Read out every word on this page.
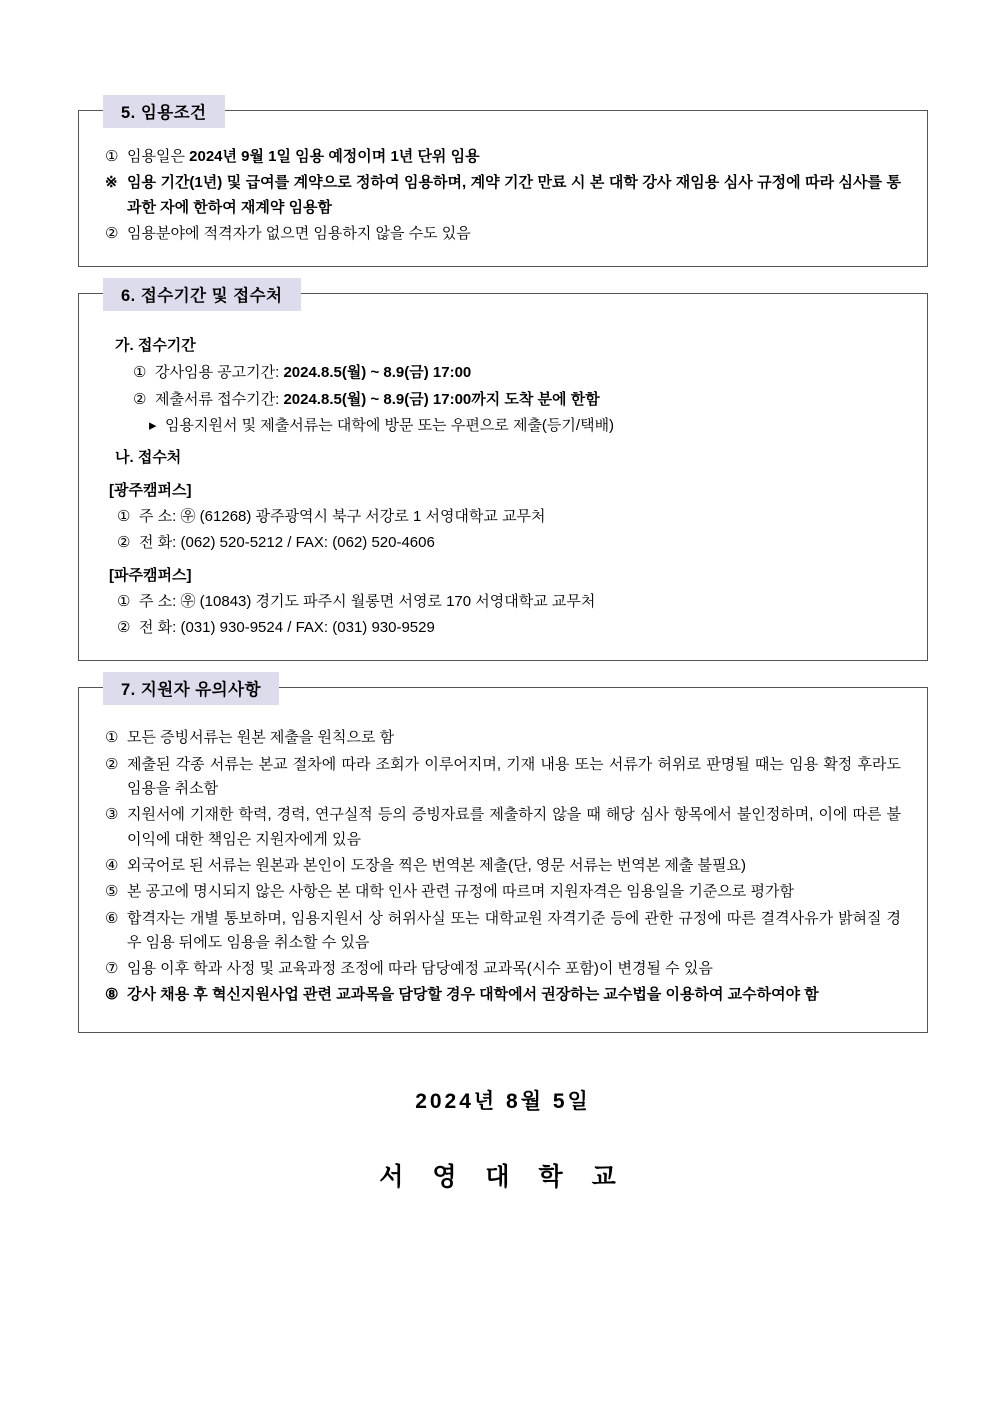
5. 임용조건
① 임용일은 2024년 9월 1일 임용 예정이며 1년 단위 임용
※ 임용 기간(1년) 및 급여를 계약으로 정하여 임용하며, 계약 기간 만료 시 본 대학 강사 재임용 심사 규정에 따라 심사를 통과한 자에 한하여 재계약 임용함
② 임용분야에 적격자가 없으면 임용하지 않을 수도 있음
6. 접수기간 및 접수처
가. 접수기간
① 강사임용 공고기간: 2024.8.5(월) ~ 8.9(금) 17:00
② 제출서류 접수기간: 2024.8.5(월) ~ 8.9(금) 17:00까지 도착 분에 한함
▸ 임용지원서 및 제출서류는 대학에 방문 또는 우편으로 제출(등기/택배)
나. 접수처
[광주캠퍼스]
① 주 소: ㉾ (61268) 광주광역시 북구 서강로 1 서영대학교 교무처
② 전 화: (062) 520-5212 / FAX: (062) 520-4606
[파주캠퍼스]
① 주 소: ㉾ (10843) 경기도 파주시 월롱면 서영로 170 서영대학교 교무처
② 전 화: (031) 930-9524 / FAX: (031) 930-9529
7. 지원자 유의사항
① 모든 증빙서류는 원본 제출을 원칙으로 함
② 제출된 각종 서류는 본교 절차에 따라 조회가 이루어지며, 기재 내용 또는 서류가 허위로 판명될 때는 임용 확정 후라도 임용을 취소함
③ 지원서에 기재한 학력, 경력, 연구실적 등의 증빙자료를 제출하지 않을 때 해당 심사 항목에서 불인정하며, 이에 따른 불이익에 대한 책임은 지원자에게 있음
④ 외국어로 된 서류는 원본과 본인이 도장을 찍은 번역본 제출(단, 영문 서류는 번역본 제출 불필요)
⑤ 본 공고에 명시되지 않은 사항은 본 대학 인사 관련 규정에 따르며 지원자격은 임용일을 기준으로 평가함
⑥ 합격자는 개별 통보하며, 임용지원서 상 허위사실 또는 대학교원 자격기준 등에 관한 규정에 따른 결격사유가 밝혀질 경우 임용 뒤에도 임용을 취소할 수 있음
⑦ 임용 이후 학과 사정 및 교육과정 조정에 따라 담당예정 교과목(시수 포함)이 변경될 수 있음
⑧ 강사 채용 후 혁신지원사업 관련 교과목을 담당할 경우 대학에서 권장하는 교수법을 이용하여 교수하여야 함
2024년 8월 5일
서 영 대 학 교
